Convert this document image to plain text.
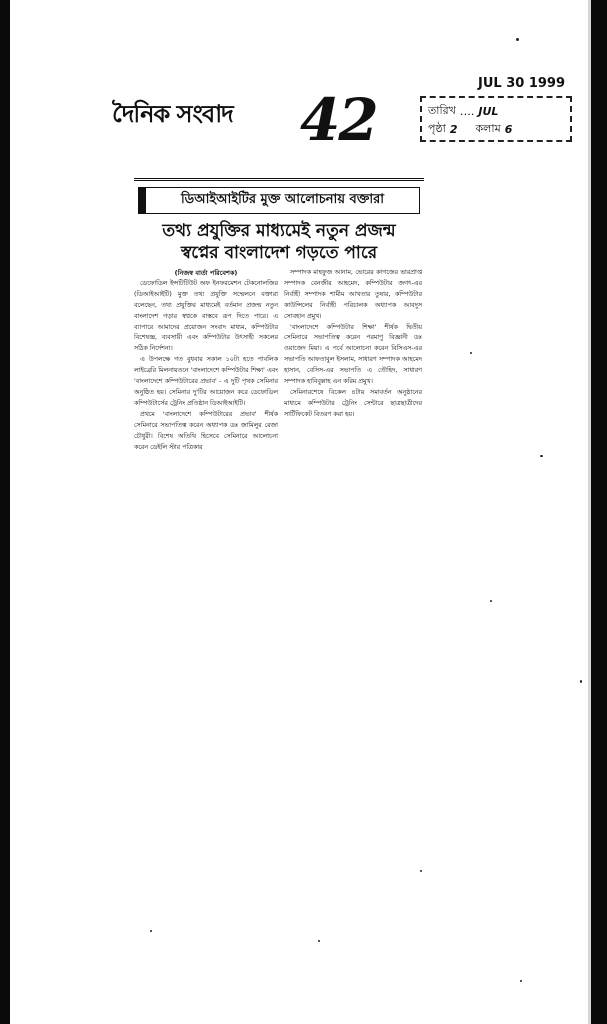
দৈনিক সংবাদ 42
JUL 30 1999
তারিখ …. JUL
পৃষ্ঠা 2 কলাম 6
ডিআইআইটির মুক্ত আলোচনায় বক্তারা
তথ্য প্রযুক্তির মাধ্যমেই নতুন প্রজন্ম
স্বপ্নের বাংলাদেশ গড়তে পারে
(নিজস্ব বার্তা পরিবেশক)

ডেফোডিল ইন্সটিটিউট অফ ইনফরমেশন টেকনোলজির (ডিআইআইটি) মুক্ত তথ্য প্রযুক্তি সম্মেলনে বক্তারা বলেছেন, তথ্য প্রযুক্তির মাধ্যমেই বর্তমান প্রজন্ম নতুন বাংলাদেশ গড়ার স্বপ্নকে বাস্তবে রূপ দিতে পারে। এ ব্যাপারে আমাদের প্রয়োজন সংবাদ মাধ্যম, কম্পিউটার বিশেষজ্ঞ, ব্যবসায়ী এবং কম্পিউটার উৎসাহী সকলের সঠিক নির্দেশনা।

এ উপলক্ষে গত বুধবার সকাল ১০টা হতে পাবলিক লাইব্রেরি মিলনায়তনে 'বাংলাদেশে কম্পিউটার শিক্ষা' এবং 'বাংলাদেশে কম্পিউটারের প্রভাব' - এ দুটি পৃথক সেমিনার অনুষ্ঠিত হয়। সেমিনার দু'টির আয়োজন করে ডেফোডিল কম্পিউটার্সের ট্রেনিং প্রতিষ্ঠান ডিআইআইটি।

প্রথমে 'বাংলাদেশে কম্পিউটারের প্রভাব' শীর্ষক সেমিনারে সভাপতিত্ব করেন অধ্যাপক ডঃ জামিলুর রেজা চৌধুরী। বিশেষ অতিথি হিসেবে সেমিনারে আলোচনা করেন ডেইলি স্টার পত্রিকার

সম্পাদক মাহফুজ আনাম, ভোরের কাগজের ভারপ্রাপ্ত সম্পাদক বেনজীর আহমেদ, কম্পিউটার জগৎ-এর নির্বাহী সম্পাদক শামীম আখতার তুষার, কম্পিউটার কাউন্সিলের নির্বাহী পরিচালক অধ্যাপক আবদুস সোবহান প্রমুখ।

'বাংলাদেশে কম্পিউটার শিক্ষা' শীর্ষক দ্বিতীয় সেমিনারে সভাপতিত্ব করেন পরমাণু বিজ্ঞানী ডঃ ওয়াজেদ মিয়া। এ পর্বে আলোচনা করেন বিসিএস-এর সভাপতি আফতাবুল ইসলাম, সাধারণ সম্পাদক আহমেদ হাসান, বেসিস-এর সভাপতি এ তৌহিদ, সাধারণ সম্পাদক হাবিবুল্লাহ এন করিম প্রমুখ।

সেমিনারশেষে বিকেল ৪টায় সমাবর্তন অনুষ্ঠানের মাধ্যমে কম্পিউটার ট্রেনিং সেন্টারে ছাত্রছাত্রীদের সার্টিফিকেট বিতরণ করা হয়।
